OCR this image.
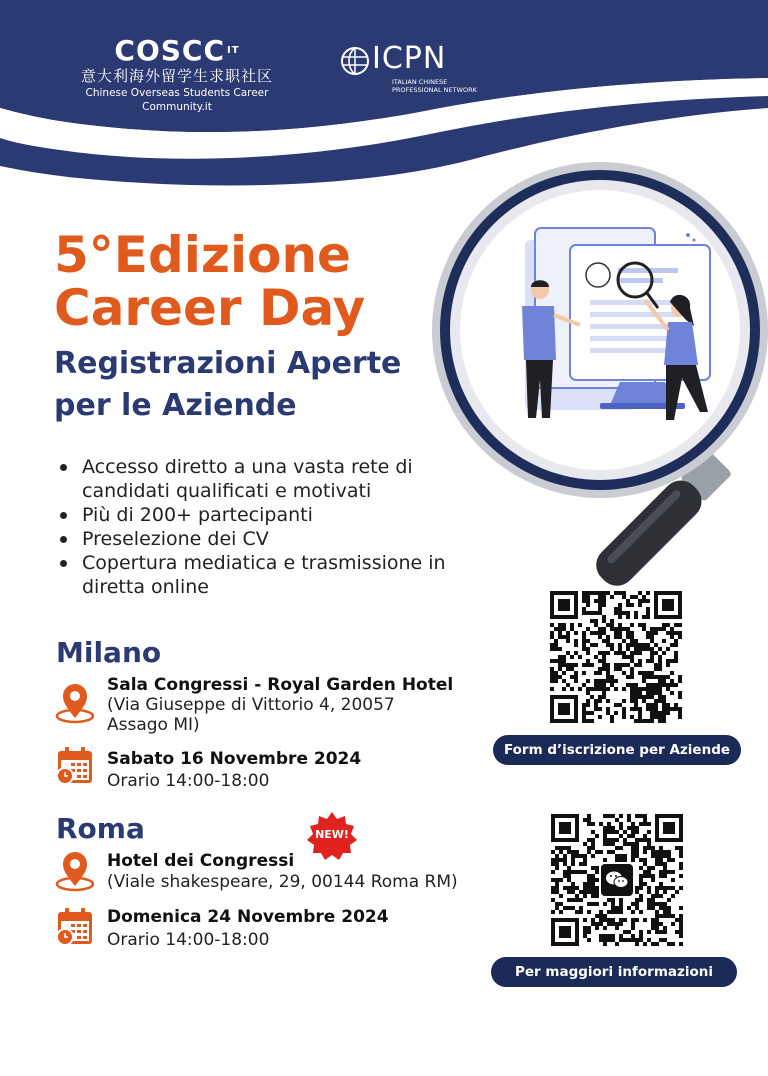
COSCC $^{IT}$
意大利海外留学生求职社区
Chinese Overseas Students Career Community.it
ICPN
ITALIAN CHINESE
PROFESSIONAL NETWORK
5°Edizione
Career Day
Registrazioni Aperte
per le Aziende
Accesso diretto a una vasta rete di candidati qualificati e motivati
Più di 200+ partecipanti
Preselezione dei CV
Copertura mediatica e trasmissione in diretta online
Milano
Sala Congressi - Royal Garden Hotel
(Via Giuseppe di Vittorio 4, 20057 Assago MI)
Sabato 16 Novembre 2024
Orario 14:00-18:00
Roma	NEW!
Hotel dei Congressi
(Viale shakespeare, 29, 00144 Roma RM)
Domenica 24 Novembre 2024
Orario 14:00-18:00
Form d’iscrizione per Aziende
Per maggiori informazioni
